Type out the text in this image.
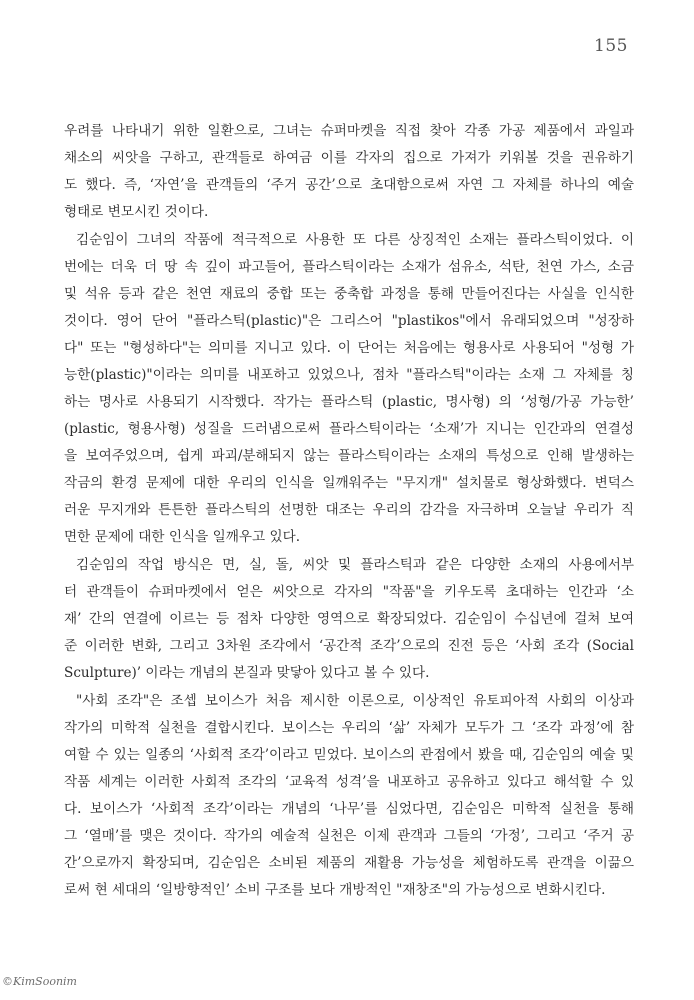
155
우려를 나타내기 위한 일환으로, 그녀는 슈퍼마켓을 직접 찾아 각종 가공 제품에서 과일과
채소의 씨앗을 구하고, 관객들로 하여금 이를 각자의 집으로 가져가 키워볼 것을 권유하기
도 했다. 즉, ‘자연’을 관객들의 ‘주거 공간’으로 초대함으로써 자연 그 자체를 하나의 예술
형태로 변모시킨 것이다.
김순임이 그녀의 작품에 적극적으로 사용한 또 다른 상징적인 소재는 플라스틱이었다. 이
번에는 더욱 더 땅 속 깊이 파고들어, 플라스틱이라는 소재가 섬유소, 석탄, 천연 가스, 소금
및 석유 등과 같은 천연 재료의 중합 또는 중축합 과정을 통해 만들어진다는 사실을 인식한
것이다. 영어 단어 "플라스틱(plastic)"은 그리스어 "plastikos"에서 유래되었으며 "성장하
다" 또는 "형성하다"는 의미를 지니고 있다. 이 단어는 처음에는 형용사로 사용되어 "성형 가
능한(plastic)"이라는 의미를 내포하고 있었으나, 점차 "플라스틱"이라는 소재 그 자체를 칭
하는 명사로 사용되기 시작했다. 작가는 플라스틱 (plastic, 명사형) 의 ‘성형/가공 가능한’
(plastic, 형용사형) 성질을 드러냄으로써 플라스틱이라는 ‘소재’가 지니는 인간과의 연결성
을 보여주었으며, 쉽게 파괴/분해되지 않는 플라스틱이라는 소재의 특성으로 인해 발생하는
작금의 환경 문제에 대한 우리의 인식을 일깨워주는 "무지개" 설치물로 형상화했다. 변덕스
러운 무지개와 튼튼한 플라스틱의 선명한 대조는 우리의 감각을 자극하며 오늘날 우리가 직
면한 문제에 대한 인식을 일깨우고 있다.
김순임의 작업 방식은 면, 실, 돌, 씨앗 및 플라스틱과 같은 다양한 소재의 사용에서부
터 관객들이 슈퍼마켓에서 얻은 씨앗으로 각자의 "작품"을 키우도록 초대하는 인간과 ‘소
재’ 간의 연결에 이르는 등 점차 다양한 영역으로 확장되었다. 김순임이 수십년에 걸쳐 보여
준 이러한 변화, 그리고 3차원 조각에서 ‘공간적 조각’으로의 진전 등은 ‘사회 조각 (Social
Sculpture)’ 이라는 개념의 본질과 맞닿아 있다고 볼 수 있다.
"사회 조각"은 조셉 보이스가 처음 제시한 이론으로, 이상적인 유토피아적 사회의 이상과
작가의 미학적 실천을 결합시킨다. 보이스는 우리의 ‘삶’ 자체가 모두가 그 ‘조각 과정’에 참
여할 수 있는 일종의 ‘사회적 조각’이라고 믿었다. 보이스의 관점에서 봤을 때, 김순임의 예술 및
작품 세계는 이러한 사회적 조각의 ‘교육적 성격’을 내포하고 공유하고 있다고 해석할 수 있
다. 보이스가 ‘사회적 조각’이라는 개념의 ‘나무’를 심었다면, 김순임은 미학적 실천을 통해
그 ‘열매’를 맺은 것이다. 작가의 예술적 실천은 이제 관객과 그들의 ‘가정’, 그리고 ‘주거 공
간’으로까지 확장되며, 김순임은 소비된 제품의 재활용 가능성을 체험하도록 관객을 이끎으
로써 현 세대의 ‘일방향적인’ 소비 구조를 보다 개방적인 "재창조"의 가능성으로 변화시킨다.
©KimSoonim
